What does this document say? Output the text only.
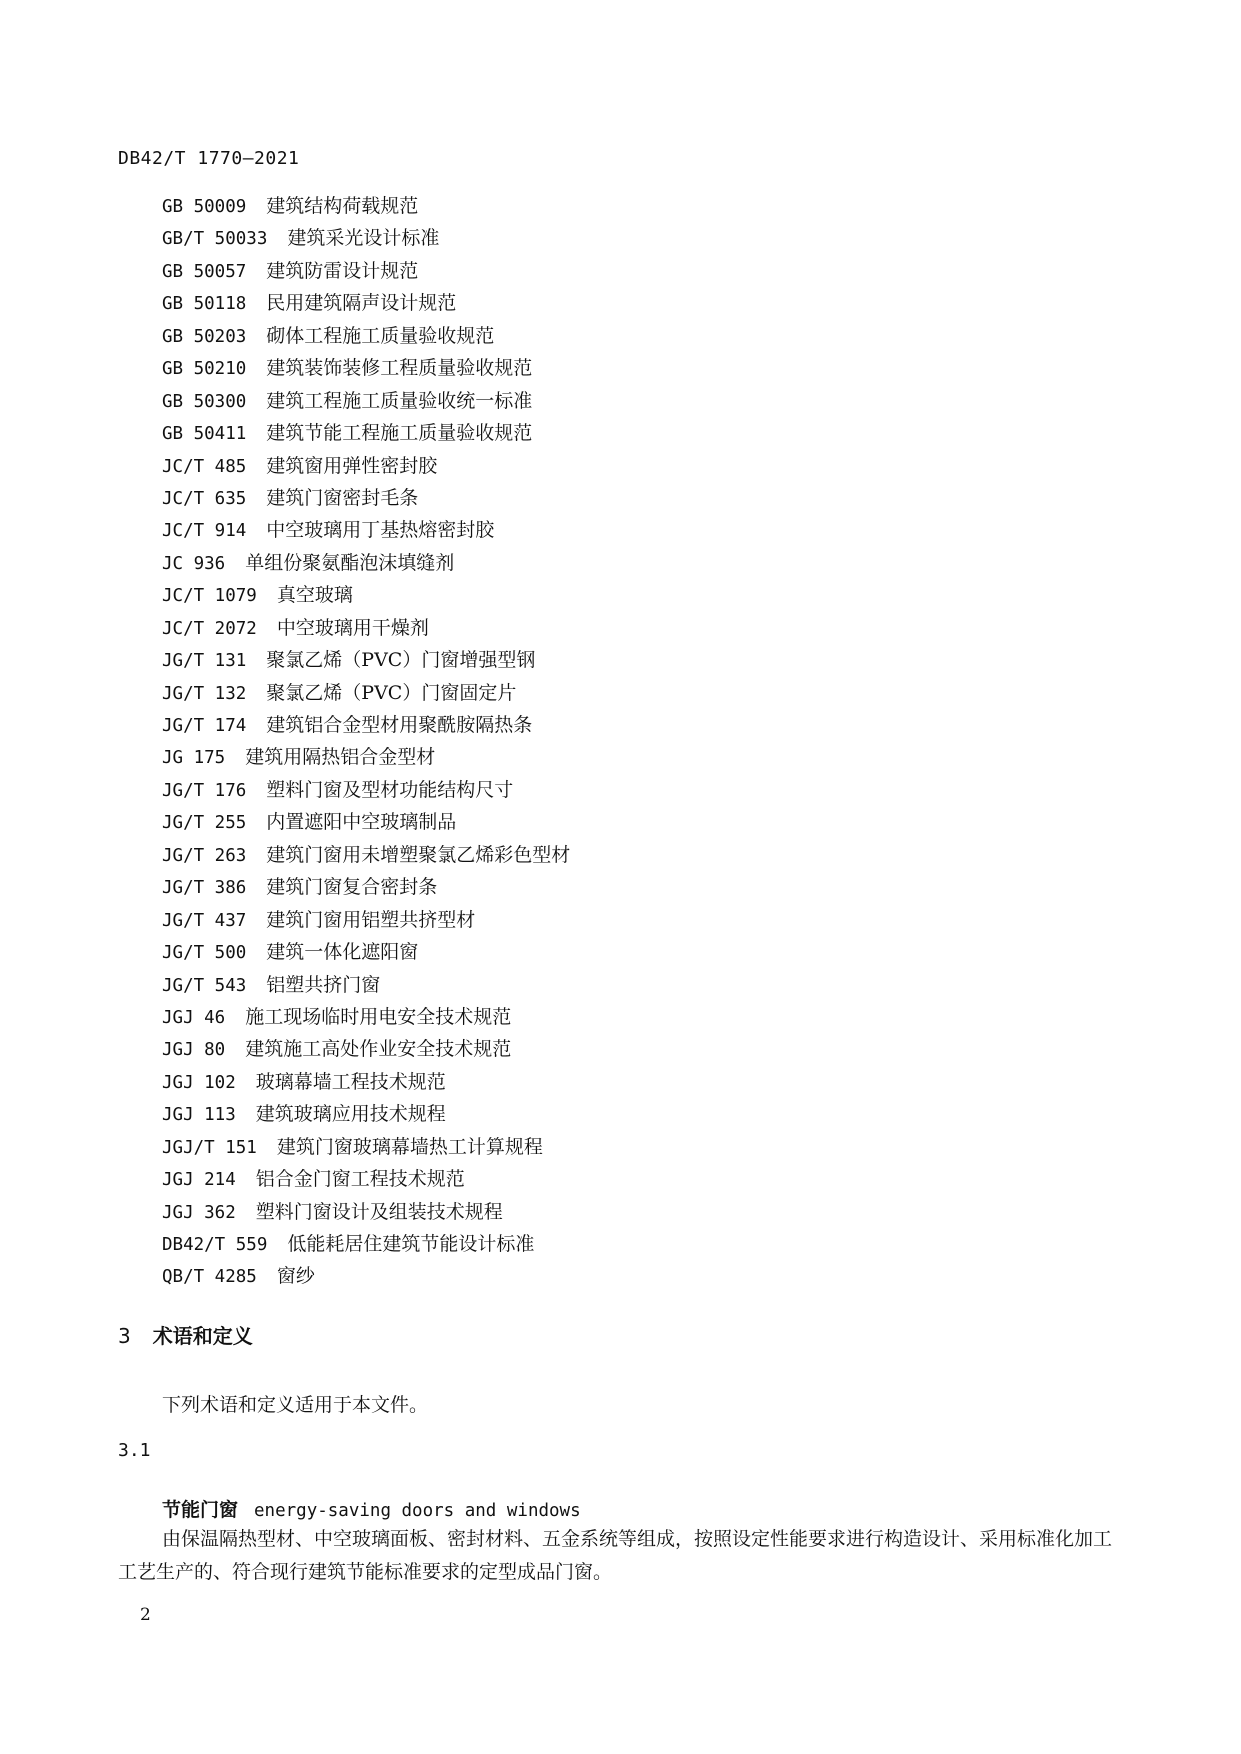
DB42/T 1770—2021
GB 50009 建筑结构荷载规范
GB/T 50033 建筑采光设计标准
GB 50057 建筑防雷设计规范
GB 50118 民用建筑隔声设计规范
GB 50203 砌体工程施工质量验收规范
GB 50210 建筑装饰装修工程质量验收规范
GB 50300 建筑工程施工质量验收统一标准
GB 50411 建筑节能工程施工质量验收规范
JC/T 485 建筑窗用弹性密封胶
JC/T 635 建筑门窗密封毛条
JC/T 914 中空玻璃用丁基热熔密封胶
JC 936 单组份聚氨酯泡沫填缝剂
JC/T 1079 真空玻璃
JC/T 2072 中空玻璃用干燥剂
JG/T 131 聚氯乙烯（PVC）门窗增强型钢
JG/T 132 聚氯乙烯（PVC）门窗固定片
JG/T 174 建筑铝合金型材用聚酰胺隔热条
JG 175 建筑用隔热铝合金型材
JG/T 176 塑料门窗及型材功能结构尺寸
JG/T 255 内置遮阳中空玻璃制品
JG/T 263 建筑门窗用未增塑聚氯乙烯彩色型材
JG/T 386 建筑门窗复合密封条
JG/T 437 建筑门窗用铝塑共挤型材
JG/T 500 建筑一体化遮阳窗
JG/T 543 铝塑共挤门窗
JGJ 46 施工现场临时用电安全技术规范
JGJ 80 建筑施工高处作业安全技术规范
JGJ 102 玻璃幕墙工程技术规范
JGJ 113 建筑玻璃应用技术规程
JGJ/T 151 建筑门窗玻璃幕墙热工计算规程
JGJ 214 铝合金门窗工程技术规范
JGJ 362 塑料门窗设计及组装技术规程
DB42/T 559 低能耗居住建筑节能设计标准
QB/T 4285 窗纱
3 术语和定义
下列术语和定义适用于本文件。
3.1
节能门窗 energy-saving doors and windows

由保温隔热型材、中空玻璃面板、密封材料、五金系统等组成，按照设定性能要求进行构造设计、采用标准化加工工艺生产的、符合现行建筑节能标准要求的定型成品门窗。

2
